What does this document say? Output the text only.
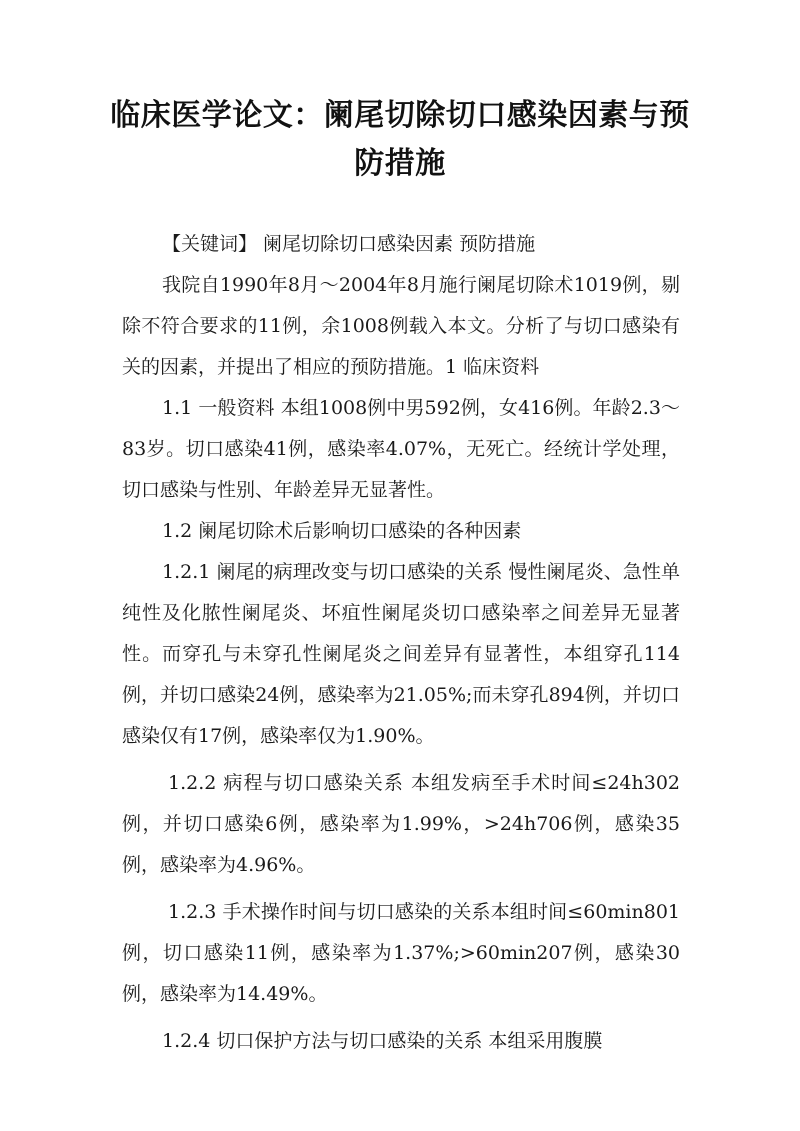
临床医学论文：阑尾切除切口感染因素与预防措施

【关键词】 阑尾切除切口感染因素 预防措施

我院自1990年8月～2004年8月施行阑尾切除术1019例，剔除不符合要求的11例，余1008例载入本文。分析了与切口感染有关的因素，并提出了相应的预防措施。1 临床资料

1.1 一般资料 本组1008例中男592例，女416例。年龄2.3～83岁。切口感染41例，感染率4.07%，无死亡。经统计学处理，切口感染与性别、年龄差异无显著性。

1.2 阑尾切除术后影响切口感染的各种因素

1.2.1 阑尾的病理改变与切口感染的关系 慢性阑尾炎、急性单纯性及化脓性阑尾炎、坏疽性阑尾炎切口感染率之间差异无显著性。而穿孔与未穿孔性阑尾炎之间差异有显著性，本组穿孔114例，并切口感染24例，感染率为21.05%;而未穿孔894例，并切口感染仅有17例，感染率仅为1.90%。

1.2.2 病程与切口感染关系 本组发病至手术时间≤24h302例，并切口感染6例，感染率为1.99%，>24h706例，感染35例，感染率为4.96%。

1.2.3 手术操作时间与切口感染的关系本组时间≤60min801例，切口感染11例，感染率为1.37%;>60min207例，感染30例，感染率为14.49%。

1.2.4 切口保护方法与切口感染的关系 本组采用腹膜
